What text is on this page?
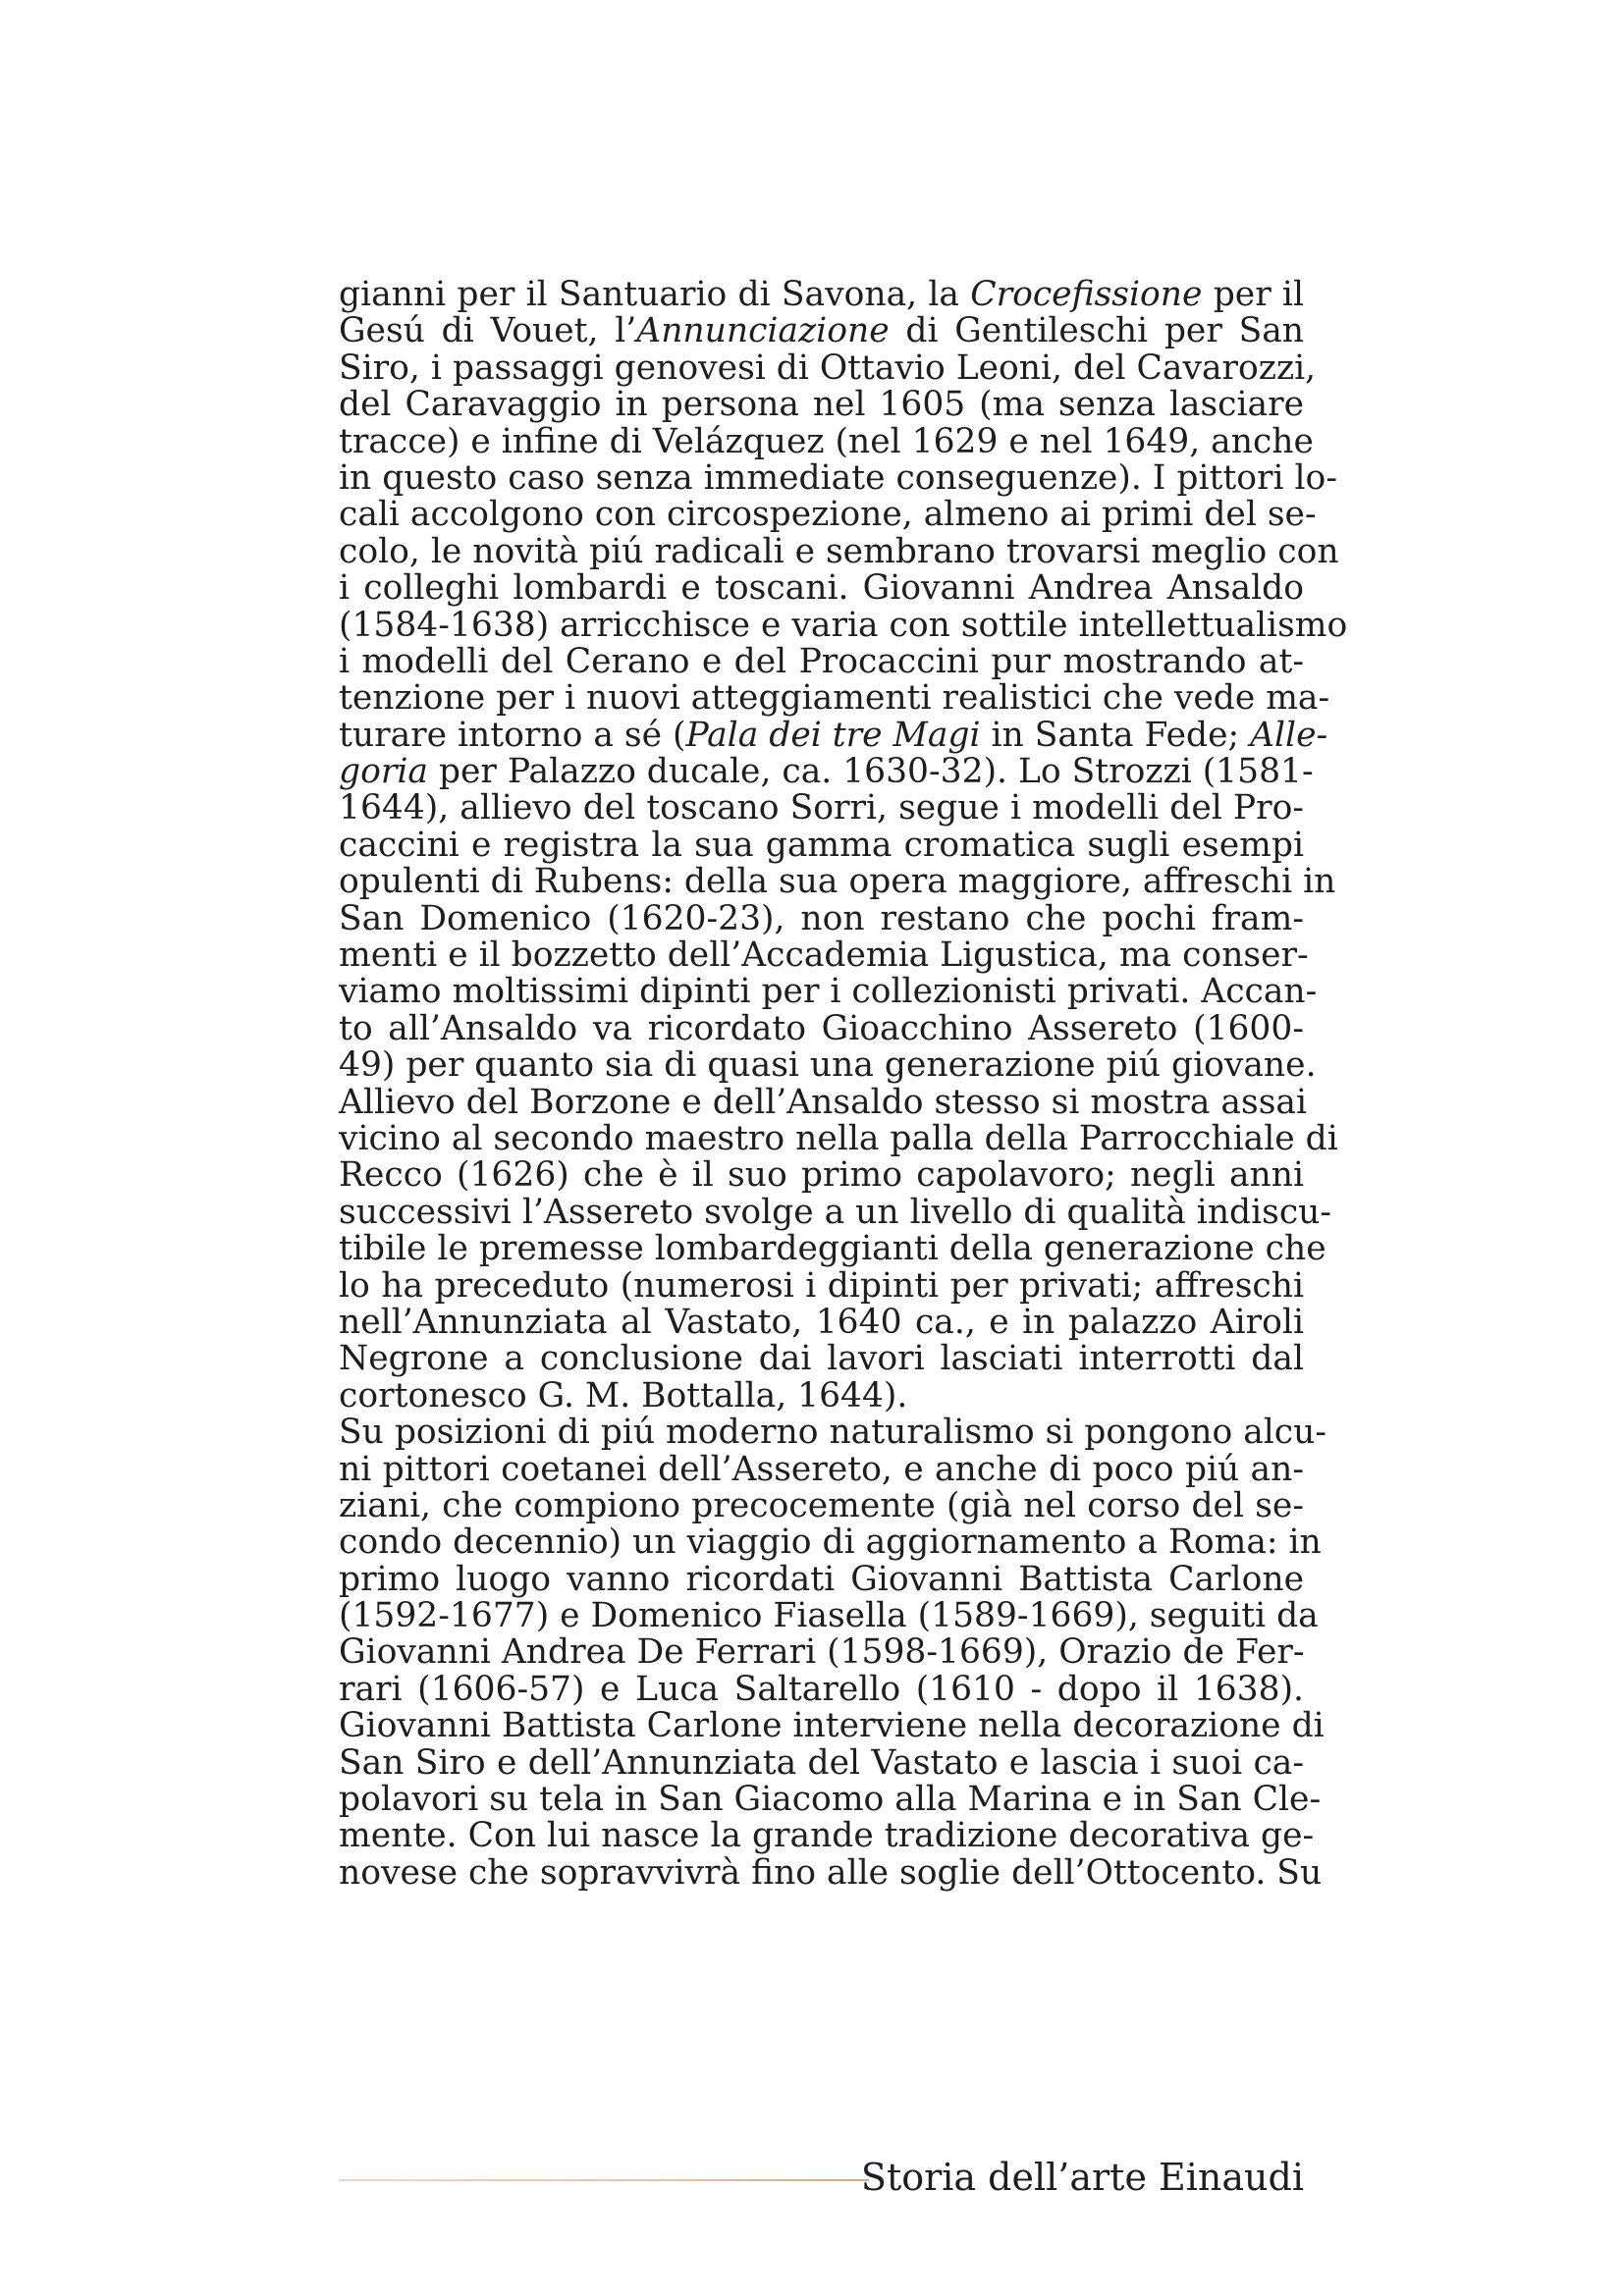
gianni per il Santuario di Savona, la Crocefissione per il
Gesú di Vouet, l’Annunciazione di Gentileschi per San
Siro, i passaggi genovesi di Ottavio Leoni, del Cavarozzi,
del Caravaggio in persona nel 1605 (ma senza lasciare
tracce) e infine di Velázquez (nel 1629 e nel 1649, anche
in questo caso senza immediate conseguenze). I pittori lo-
cali accolgono con circospezione, almeno ai primi del se-
colo, le novità piú radicali e sembrano trovarsi meglio con
i colleghi lombardi e toscani. Giovanni Andrea Ansaldo
(1584-1638) arricchisce e varia con sottile intellettualismo
i modelli del Cerano e del Procaccini pur mostrando at-
tenzione per i nuovi atteggiamenti realistici che vede ma-
turare intorno a sé (Pala dei tre Magi in Santa Fede; Alle-
goria per Palazzo ducale, ca. 1630-32). Lo Strozzi (1581-
1644), allievo del toscano Sorri, segue i modelli del Pro-
caccini e registra la sua gamma cromatica sugli esempi
opulenti di Rubens: della sua opera maggiore, affreschi in
San Domenico (1620-23), non restano che pochi fram-
menti e il bozzetto dell’Accademia Ligustica, ma conser-
viamo moltissimi dipinti per i collezionisti privati. Accan-
to all’Ansaldo va ricordato Gioacchino Assereto (1600-
49) per quanto sia di quasi una generazione piú giovane.
Allievo del Borzone e dell’Ansaldo stesso si mostra assai
vicino al secondo maestro nella palla della Parrocchiale di
Recco (1626) che è il suo primo capolavoro; negli anni
successivi l’Assereto svolge a un livello di qualità indiscu-
tibile le premesse lombardeggianti della generazione che
lo ha preceduto (numerosi i dipinti per privati; affreschi
nell’Annunziata al Vastato, 1640 ca., e in palazzo Airoli
Negrone a conclusione dai lavori lasciati interrotti dal
cortonesco G. M. Bottalla, 1644).
Su posizioni di piú moderno naturalismo si pongono alcu-
ni pittori coetanei dell’Assereto, e anche di poco piú an-
ziani, che compiono precocemente (già nel corso del se-
condo decennio) un viaggio di aggiornamento a Roma: in
primo luogo vanno ricordati Giovanni Battista Carlone
(1592-1677) e Domenico Fiasella (1589-1669), seguiti da
Giovanni Andrea De Ferrari (1598-1669), Orazio de Fer-
rari (1606-57) e Luca Saltarello (1610 - dopo il 1638).
Giovanni Battista Carlone interviene nella decorazione di
San Siro e dell’Annunziata del Vastato e lascia i suoi ca-
polavori su tela in San Giacomo alla Marina e in San Cle-
mente. Con lui nasce la grande tradizione decorativa ge-
novese che sopravvivrà fino alle soglie dell’Ottocento. Su
Storia dell’arte Einaudi
